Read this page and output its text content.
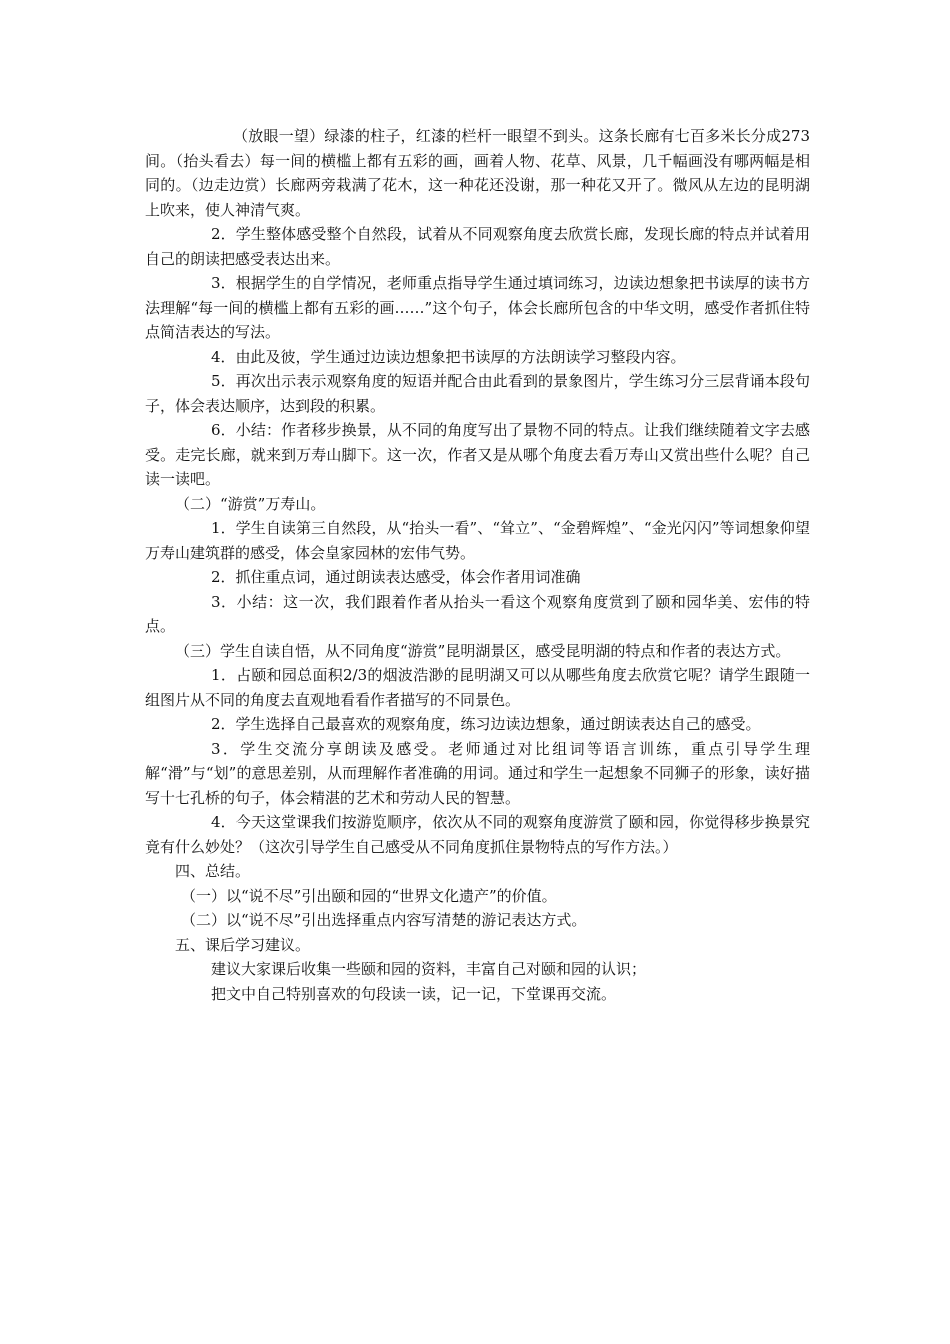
（放眼一望）绿漆的柱子，红漆的栏杆一眼望不到头。这条长廊有七百多米长分成273间。（抬头看去）每一间的横槛上都有五彩的画，画着人物、花草、风景，几千幅画没有哪两幅是相同的。（边走边赏）长廊两旁栽满了花木，这一种花还没谢，那一种花又开了。微风从左边的昆明湖上吹来，使人神清气爽。

2．学生整体感受整个自然段，试着从不同观察角度去欣赏长廊，发现长廊的特点并试着用自己的朗读把感受表达出来。

3．根据学生的自学情况，老师重点指导学生通过填词练习，边读边想象把书读厚的读书方法理解“每一间的横槛上都有五彩的画……”这个句子，体会长廊所包含的中华文明，感受作者抓住特点简洁表达的写法。

4．由此及彼，学生通过边读边想象把书读厚的方法朗读学习整段内容。

5．再次出示表示观察角度的短语并配合由此看到的景象图片，学生练习分三层背诵本段句子，体会表达顺序，达到段的积累。

6．小结：作者移步换景，从不同的角度写出了景物不同的特点。让我们继续随着文字去感受。走完长廊，就来到万寿山脚下。这一次，作者又是从哪个角度去看万寿山又赏出些什么呢？自己读一读吧。

（二）“游赏”万寿山。

1．学生自读第三自然段，从“抬头一看”、“耸立”、“金碧辉煌”、“金光闪闪”等词想象仰望万寿山建筑群的感受，体会皇家园林的宏伟气势。

2．抓住重点词，通过朗读表达感受，体会作者用词准确

3．小结：这一次，我们跟着作者从抬头一看这个观察角度赏到了颐和园华美、宏伟的特点。

（三）学生自读自悟，从不同角度“游赏”昆明湖景区，感受昆明湖的特点和作者的表达方式。

1．占颐和园总面积2/3的烟波浩渺的昆明湖又可以从哪些角度去欣赏它呢？请学生跟随一组图片从不同的角度去直观地看看作者描写的不同景色。

2．学生选择自己最喜欢的观察角度，练习边读边想象，通过朗读表达自己的感受。

3．学生交流分享朗读及感受。老师通过对比组词等语言训练，重点引导学生理解“滑”与“划”的意思差别，从而理解作者准确的用词。通过和学生一起想象不同狮子的形象，读好描写十七孔桥的句子，体会精湛的艺术和劳动人民的智慧。

4．今天这堂课我们按游览顺序，依次从不同的观察角度游赏了颐和园，你觉得移步换景究竟有什么妙处？（这次引导学生自己感受从不同角度抓住景物特点的写作方法。）

四、总结。

（一）以“说不尽”引出颐和园的“世界文化遗产”的价值。

（二）以“说不尽”引出选择重点内容写清楚的游记表达方式。

五、课后学习建议。

建议大家课后收集一些颐和园的资料，丰富自己对颐和园的认识；

把文中自己特别喜欢的句段读一读，记一记，下堂课再交流。
